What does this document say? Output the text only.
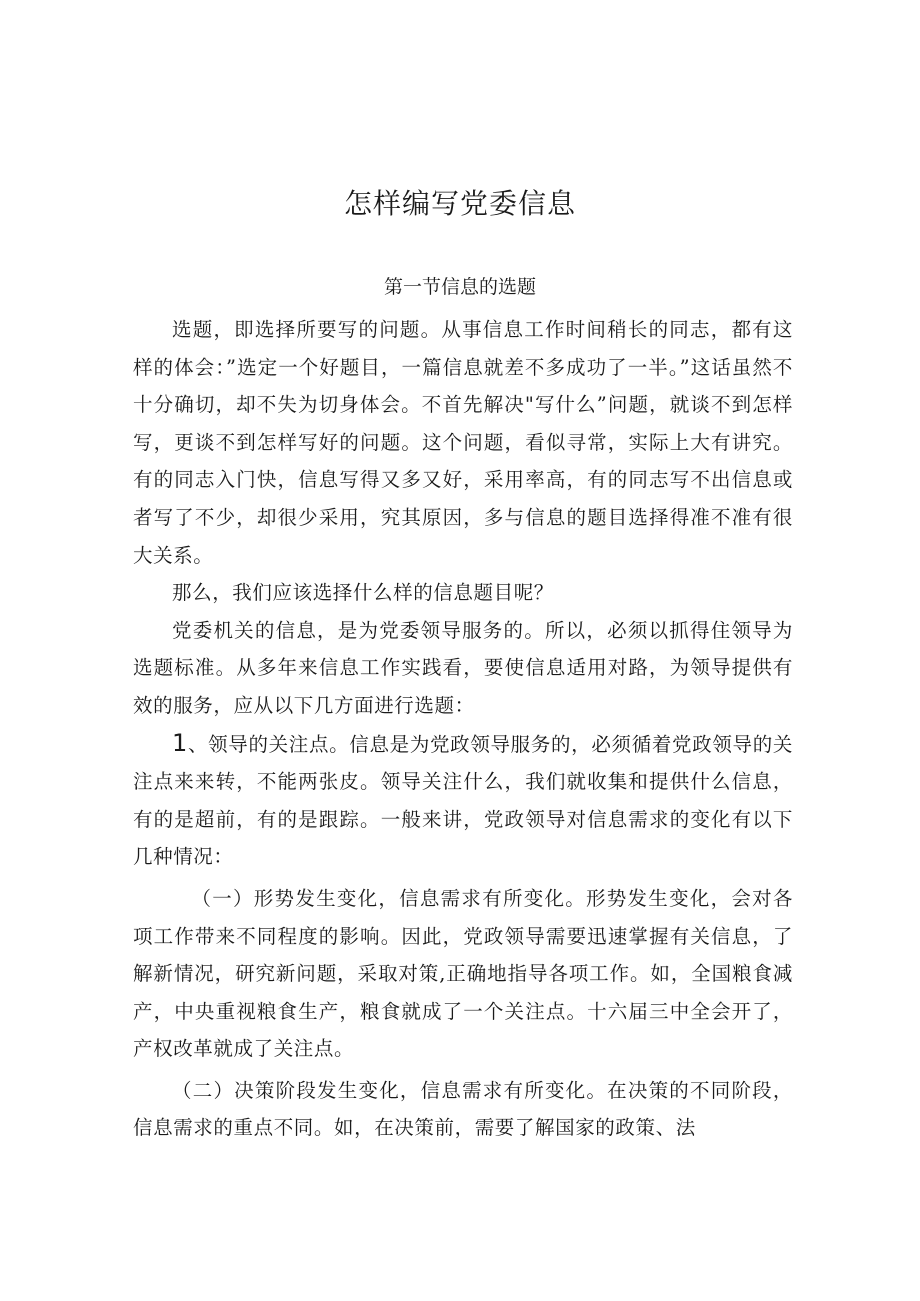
怎样编写党委信息
第一节信息的选题

选题，即选择所要写的问题。从事信息工作时间稍长的同志，都有这样的体会：”选定一个好题目，一篇信息就差不多成功了一半。”这话虽然不十分确切，却不失为切身体会。不首先解决"写什么”问题，就谈不到怎样写，更谈不到怎样写好的问题。这个问题，看似寻常，实际上大有讲究。有的同志入门快，信息写得又多又好，采用率高，有的同志写不出信息或者写了不少，却很少采用，究其原因，多与信息的题目选择得准不准有很大关系。

那么，我们应该选择什么样的信息题目呢？

党委机关的信息，是为党委领导服务的。所以，必须以抓得住领导为选题标准。从多年来信息工作实践看，要使信息适用对路，为领导提供有效的服务，应从以下几方面进行选题：

1、领导的关注点。信息是为党政领导服务的，必须循着党政领导的关注点来来转，不能两张皮。领导关注什么，我们就收集和提供什么信息，有的是超前，有的是跟踪。一般来讲，党政领导对信息需求的变化有以下几种情况：

（一）形势发生变化，信息需求有所变化。形势发生变化，会对各项工作带来不同程度的影响。因此，党政领导需要迅速掌握有关信息，了解新情况，研究新问题，采取对策,正确地指导各项工作。如，全国粮食减产，中央重视粮食生产，粮食就成了一个关注点。十六届三中全会开了，产权改革就成了关注点。

（二）决策阶段发生变化，信息需求有所变化。在决策的不同阶段，信息需求的重点不同。如，在决策前，需要了解国家的政策、法
